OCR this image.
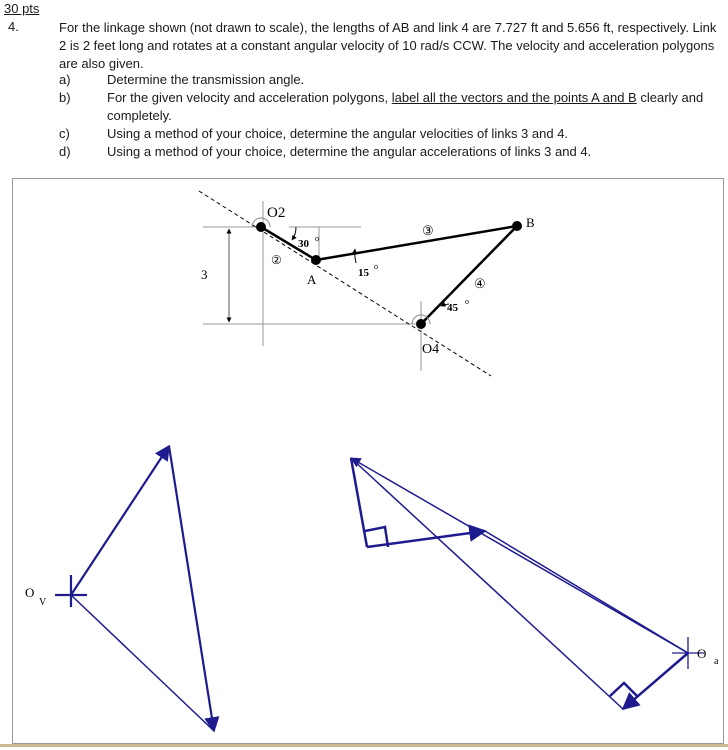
30 pts
4.	For the linkage shown (not drawn to scale), the lengths of AB and link 4 are 7.727 ft and 5.656 ft, respectively. Link 2 is 2 feet long and rotates at a constant angular velocity of 10 rad/s CCW. The velocity and acceleration polygons are also given.
a)	Determine the transmission angle.
b)	For the given velocity and acceleration polygons, label all the vectors and the points A and B clearly and completely.
c)	Using a method of your choice, determine the angular velocities of links 3 and 4.
d)	Using a method of your choice, determine the angular accelerations of links 3 and 4.
3
O2
O4
A
B
②
③
④
30 o
15
o
45
o
O
V
O
a
